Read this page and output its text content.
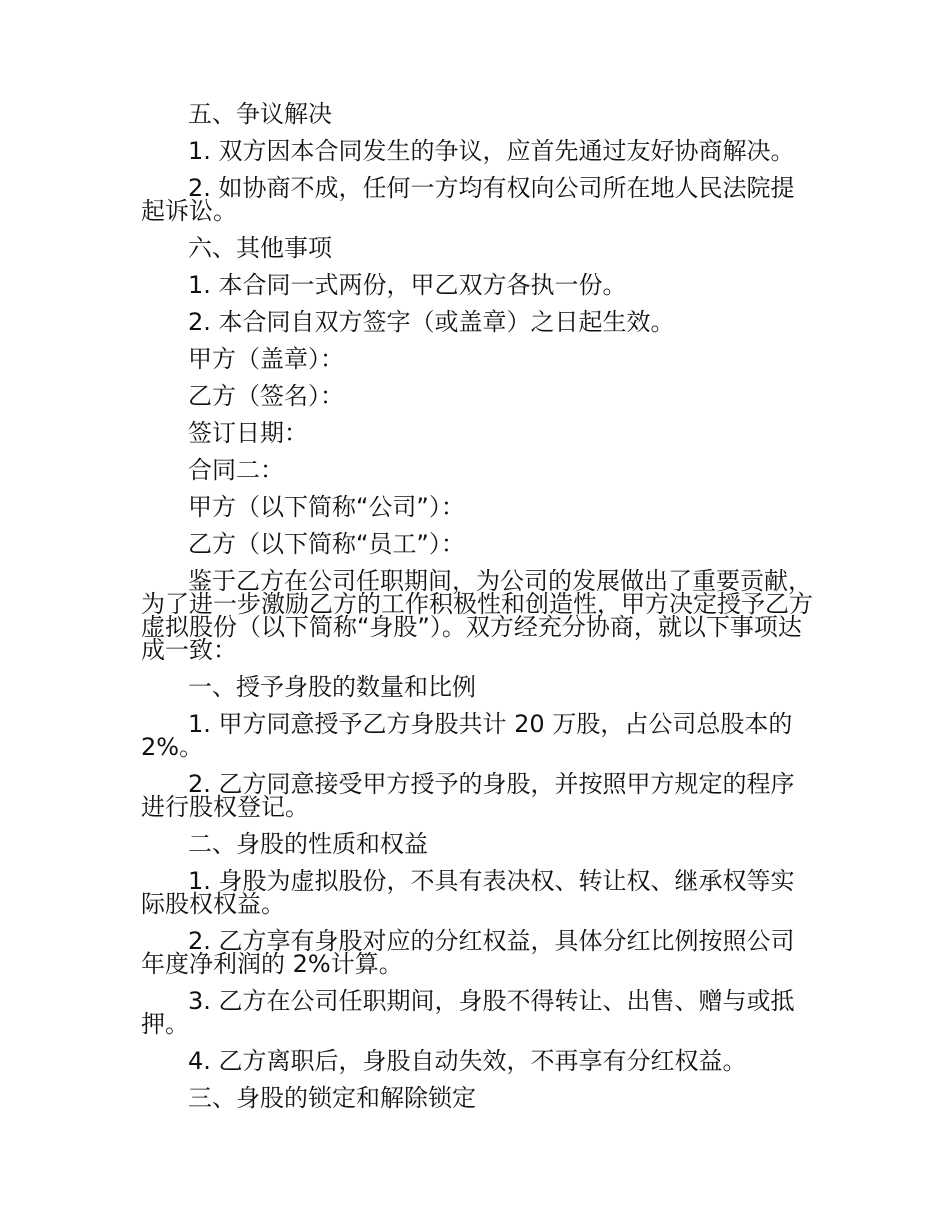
五、争议解决

1. 双方因本合同发生的争议，应首先通过友好协商解决。

2. 如协商不成，任何一方均有权向公司所在地人民法院提起诉讼。

六、其他事项

1. 本合同一式两份，甲乙双方各执一份。

2. 本合同自双方签字（或盖章）之日起生效。

甲方（盖章）：

乙方（签名）：

签订日期：

合同二：

甲方（以下简称“公司”）：

乙方（以下简称“员工”）：

鉴于乙方在公司任职期间，为公司的发展做出了重要贡献，为了进一步激励乙方的工作积极性和创造性，甲方决定授予乙方虚拟股份（以下简称“身股”）。双方经充分协商，就以下事项达成一致：

一、授予身股的数量和比例

1. 甲方同意授予乙方身股共计 20 万股，占公司总股本的 2%。

2. 乙方同意接受甲方授予的身股，并按照甲方规定的程序进行股权登记。

二、身股的性质和权益

1. 身股为虚拟股份，不具有表决权、转让权、继承权等实际股权权益。

2. 乙方享有身股对应的分红权益，具体分红比例按照公司年度净利润的 2%计算。

3. 乙方在公司任职期间，身股不得转让、出售、赠与或抵押。

4. 乙方离职后，身股自动失效，不再享有分红权益。

三、身股的锁定和解除锁定
